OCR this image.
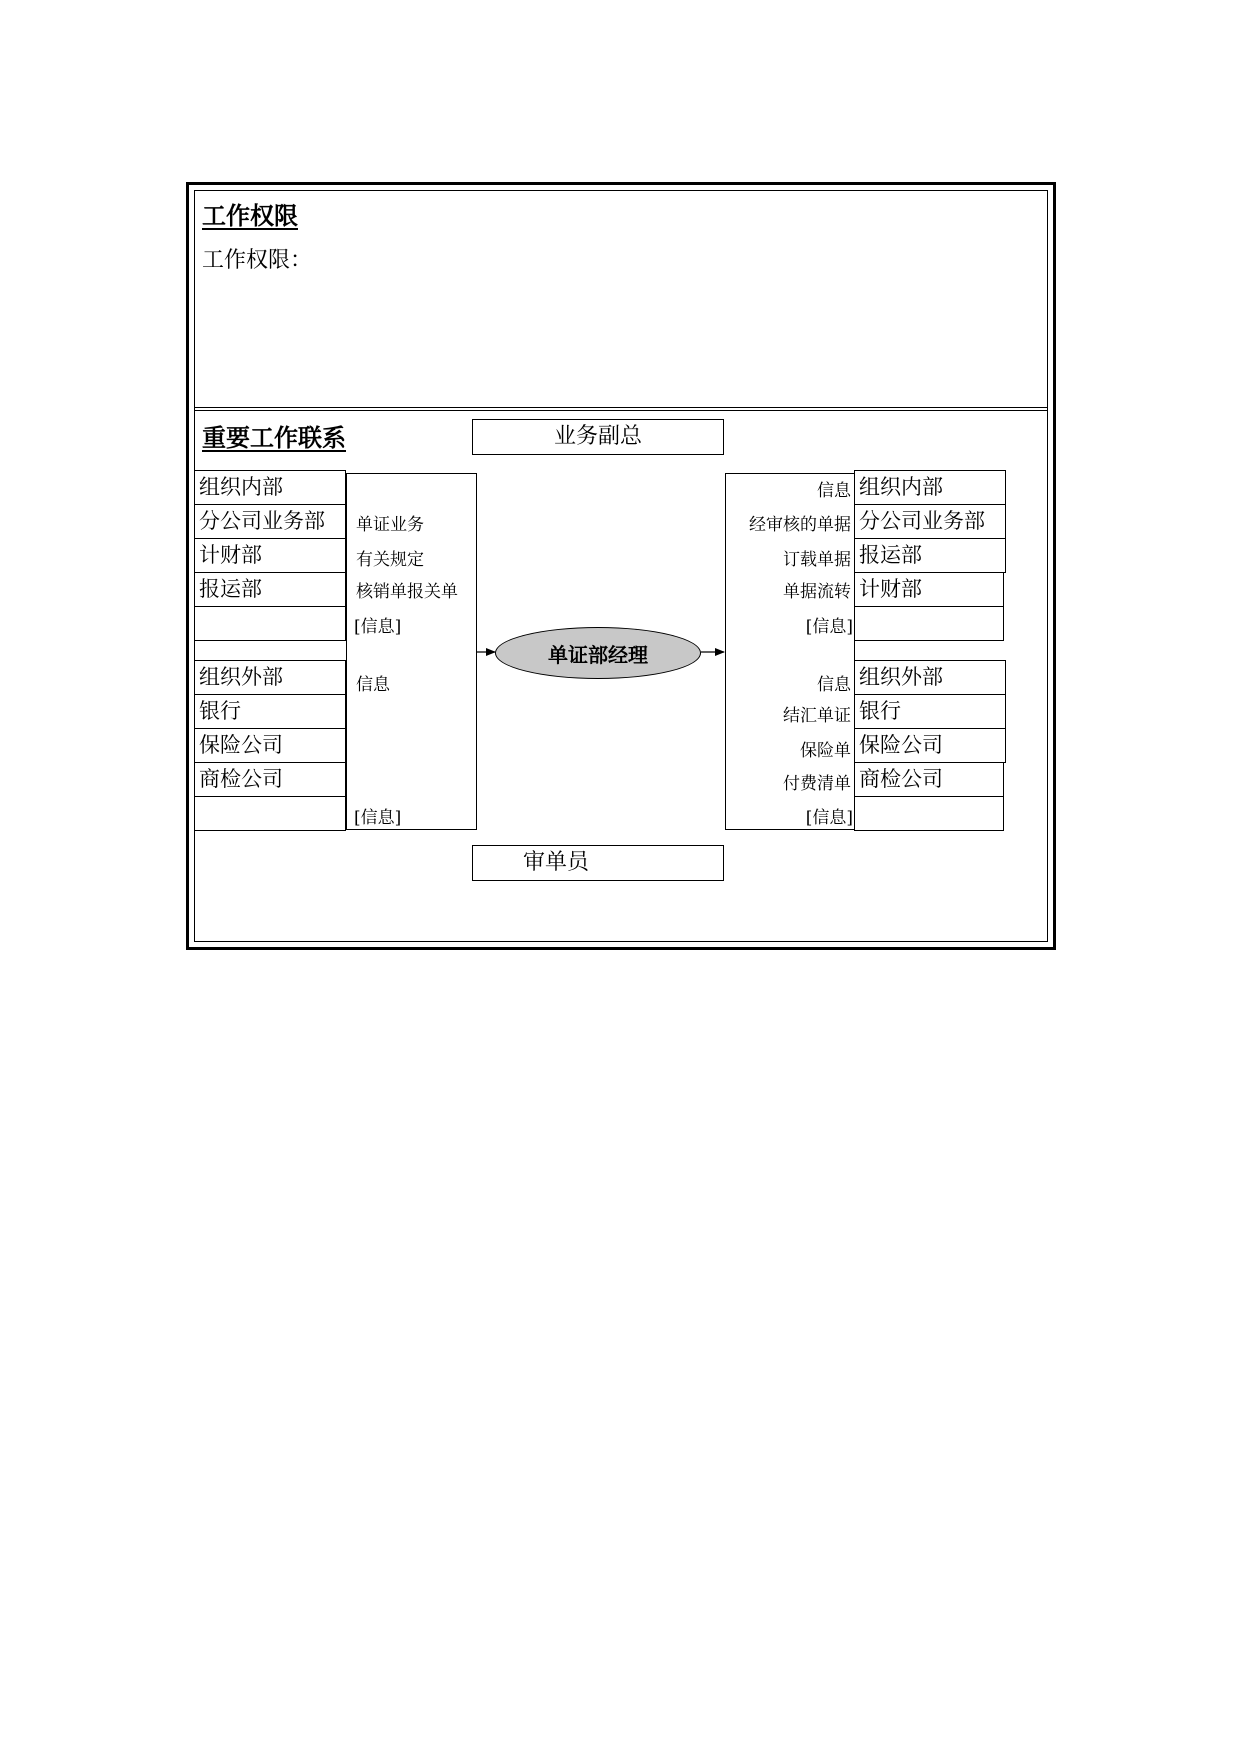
工作权限
工作权限：
重要工作联系	业务副总
审单员
单证业务
有关规定
核销单报关单
[信息]
信息
[信息]
组织内部
分公司业务部
计财部
报运部
组织外部
银行
保险公司
商检公司
信息
经审核的单据
订载单据
单据流转
[信息]
信息
结汇单证
保险单
付费清单
[信息]
组织内部
分公司业务部
报运部
计财部
组织外部
银行
保险公司
商检公司
单证部经理
